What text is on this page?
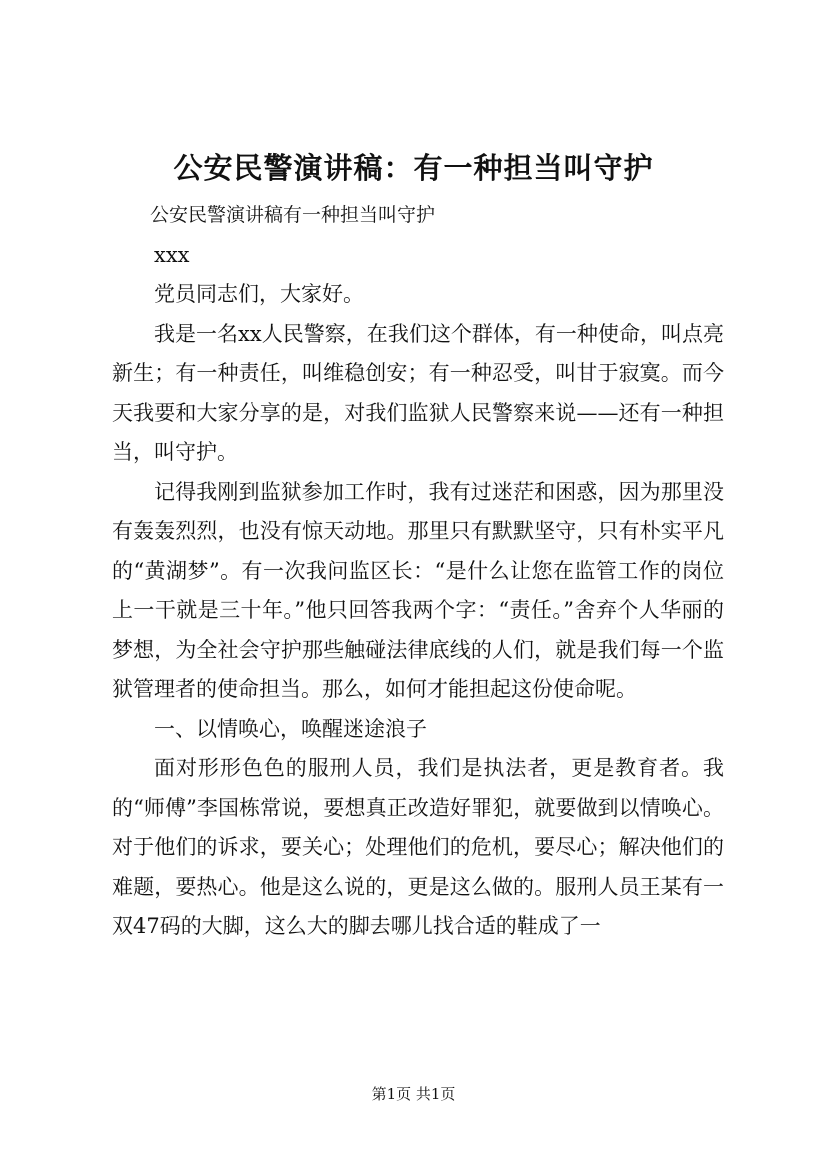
公安民警演讲稿：有一种担当叫守护

公安民警演讲稿有一种担当叫守护

xxx

党员同志们，大家好。

我是一名xx人民警察，在我们这个群体，有一种使命，叫点亮新生；有一种责任，叫维稳创安；有一种忍受，叫甘于寂寞。而今天我要和大家分享的是，对我们监狱人民警察来说——还有一种担当，叫守护。

记得我刚到监狱参加工作时，我有过迷茫和困惑，因为那里没有轰轰烈烈，也没有惊天动地。那里只有默默坚守，只有朴实平凡的“黄湖梦”。有一次我问监区长：“是什么让您在监管工作的岗位上一干就是三十年。”他只回答我两个字：“责任。”舍弃个人华丽的梦想，为全社会守护那些触碰法律底线的人们，就是我们每一个监狱管理者的使命担当。那么，如何才能担起这份使命呢。

一、以情唤心，唤醒迷途浪子

面对形形色色的服刑人员，我们是执法者，更是教育者。我的“师傅”李国栋常说，要想真正改造好罪犯，就要做到以情唤心。对于他们的诉求，要关心；处理他们的危机，要尽心；解决他们的难题，要热心。他是这么说的，更是这么做的。服刑人员王某有一双47码的大脚，这么大的脚去哪儿找合适的鞋成了一

第1页 共1页
